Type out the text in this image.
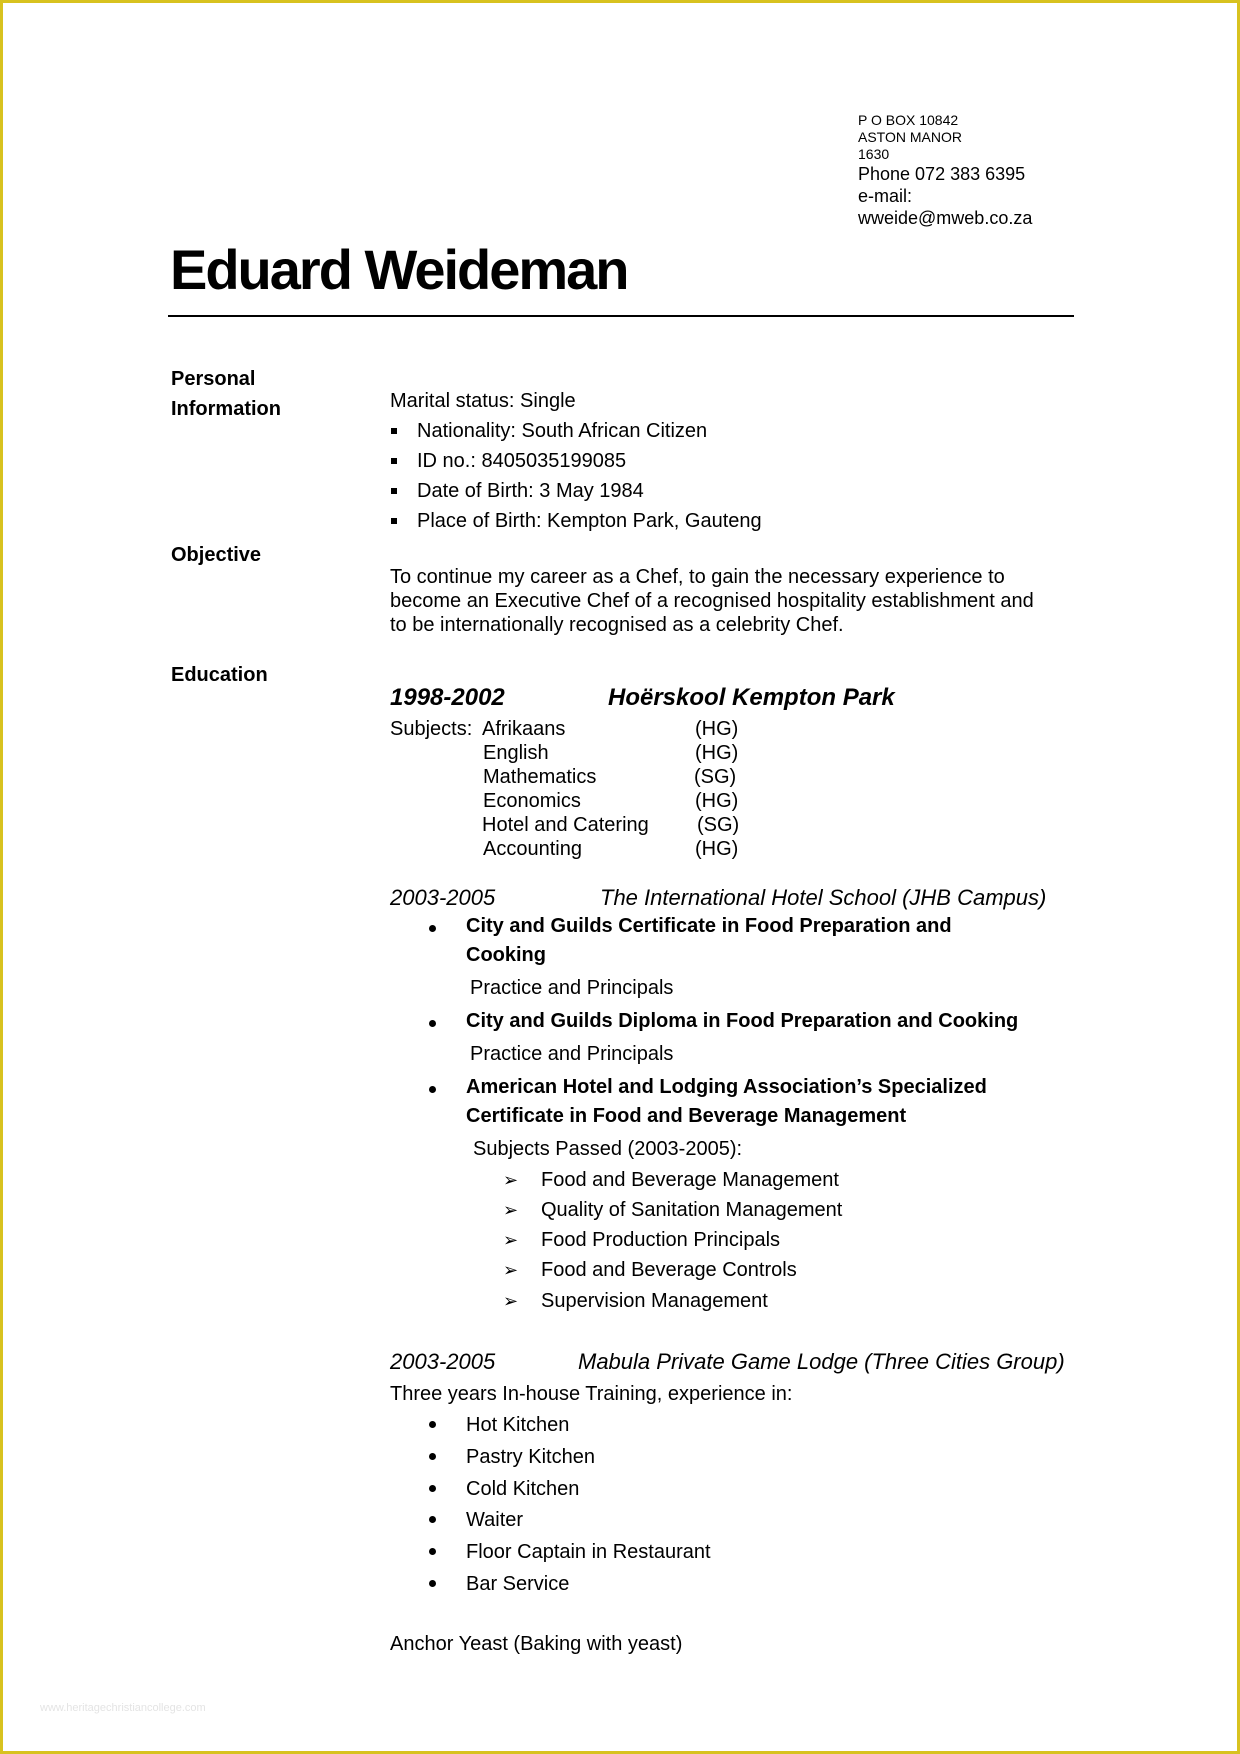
P O BOX 10842
ASTON MANOR
1630
Phone 072 383 6395
e-mail:
wweide@mweb.co.za
Eduard Weideman
Personal
Information	Marital status: Single
Nationality: South African Citizen
ID no.: 8405035199085
Date of Birth: 3 May 1984
Place of Birth: Kempton Park, Gauteng
Objective
To continue my career as a Chef, to gain the necessary experience to
become an Executive Chef of a recognised hospitality establishment and
to be internationally recognised as a celebrity Chef.
Education
1998-2002	Hoërskool Kempton Park
Subjects: Afrikaans	(HG)
English	(HG)
Mathematics	(SG)
Economics	(HG)
Hotel and Catering (SG)
Accounting	(HG)
2003-2005	The International Hotel School (JHB Campus)
City and Guilds Certificate in Food Preparation and
Cooking
Practice and Principals
City and Guilds Diploma in Food Preparation and Cooking
Practice and Principals
American Hotel and Lodging Association’s Specialized
Certificate in Food and Beverage Management
Subjects Passed (2003-2005):
➢ Food and Beverage Management
➢ Quality of Sanitation Management
➢ Food Production Principals
➢ Food and Beverage Controls
➢ Supervision Management
2003-2005	Mabula Private Game Lodge (Three Cities Group)
Three years In-house Training, experience in:
Hot Kitchen
Pastry Kitchen
Cold Kitchen
Waiter
Floor Captain in Restaurant
Bar Service
Anchor Yeast (Baking with yeast)
www.heritagechristiancollege.com
